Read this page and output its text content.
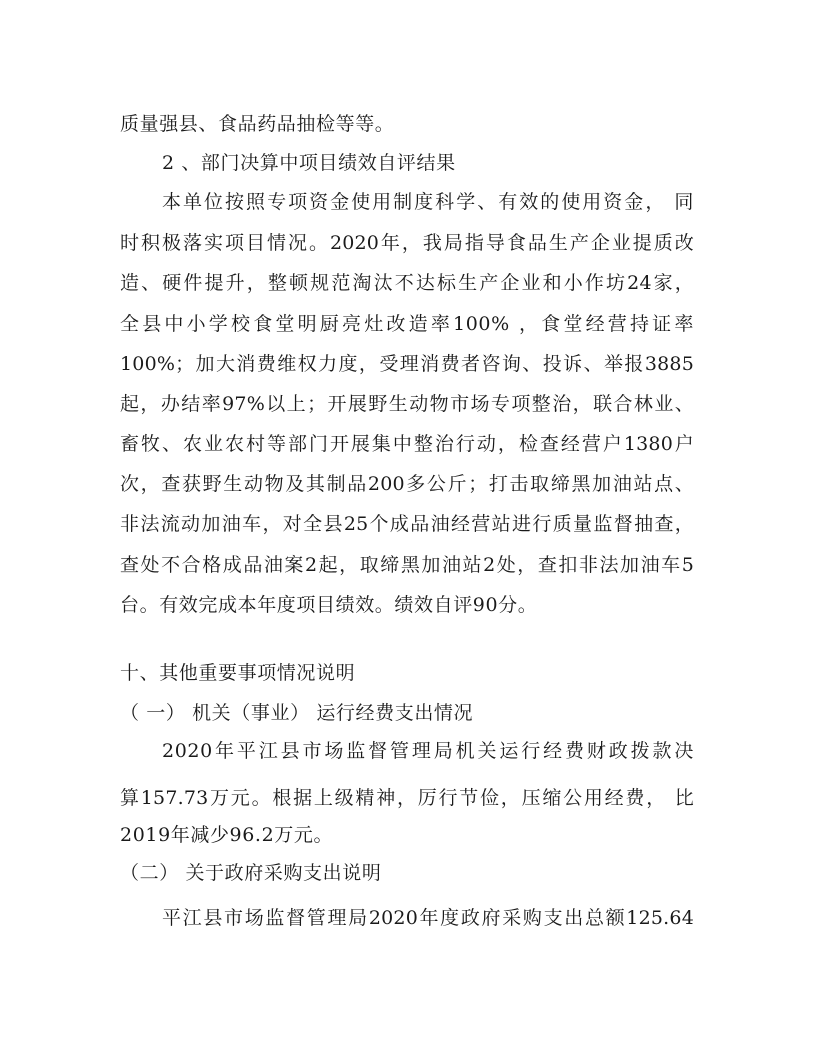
质量强县、食品药品抽检等等。
2 、部门决算中项目绩效自评结果
本单位按照专项资金使用制度科学、有效的使用资金， 同
时积极落实项目情况。2020年，我局指导食品生产企业提质改
造、硬件提升，整顿规范淘汰不达标生产企业和小作坊24家，
全县中小学校食堂明厨亮灶改造率100% ，食堂经营持证率
100%；加大消费维权力度，受理消费者咨询、投诉、举报3885
起，办结率97%以上；开展野生动物市场专项整治，联合林业、
畜牧、农业农村等部门开展集中整治行动，检查经营户1380户
次，查获野生动物及其制品200多公斤；打击取缔黑加油站点、
非法流动加油车，对全县25个成品油经营站进行质量监督抽查，
查处不合格成品油案2起，取缔黑加油站2处，查扣非法加油车5
台。有效完成本年度项目绩效。绩效自评90分。
十、其他重要事项情况说明
（ 一） 机关（事业） 运行经费支出情况
2020年平江县市场监督管理局机关运行经费财政拨款决
算157.73万元。根据上级精神，厉行节俭，压缩公用经费， 比
2019年减少96.2万元。
（二） 关于政府采购支出说明
平江县市场监督管理局2020年度政府采购支出总额125.64
